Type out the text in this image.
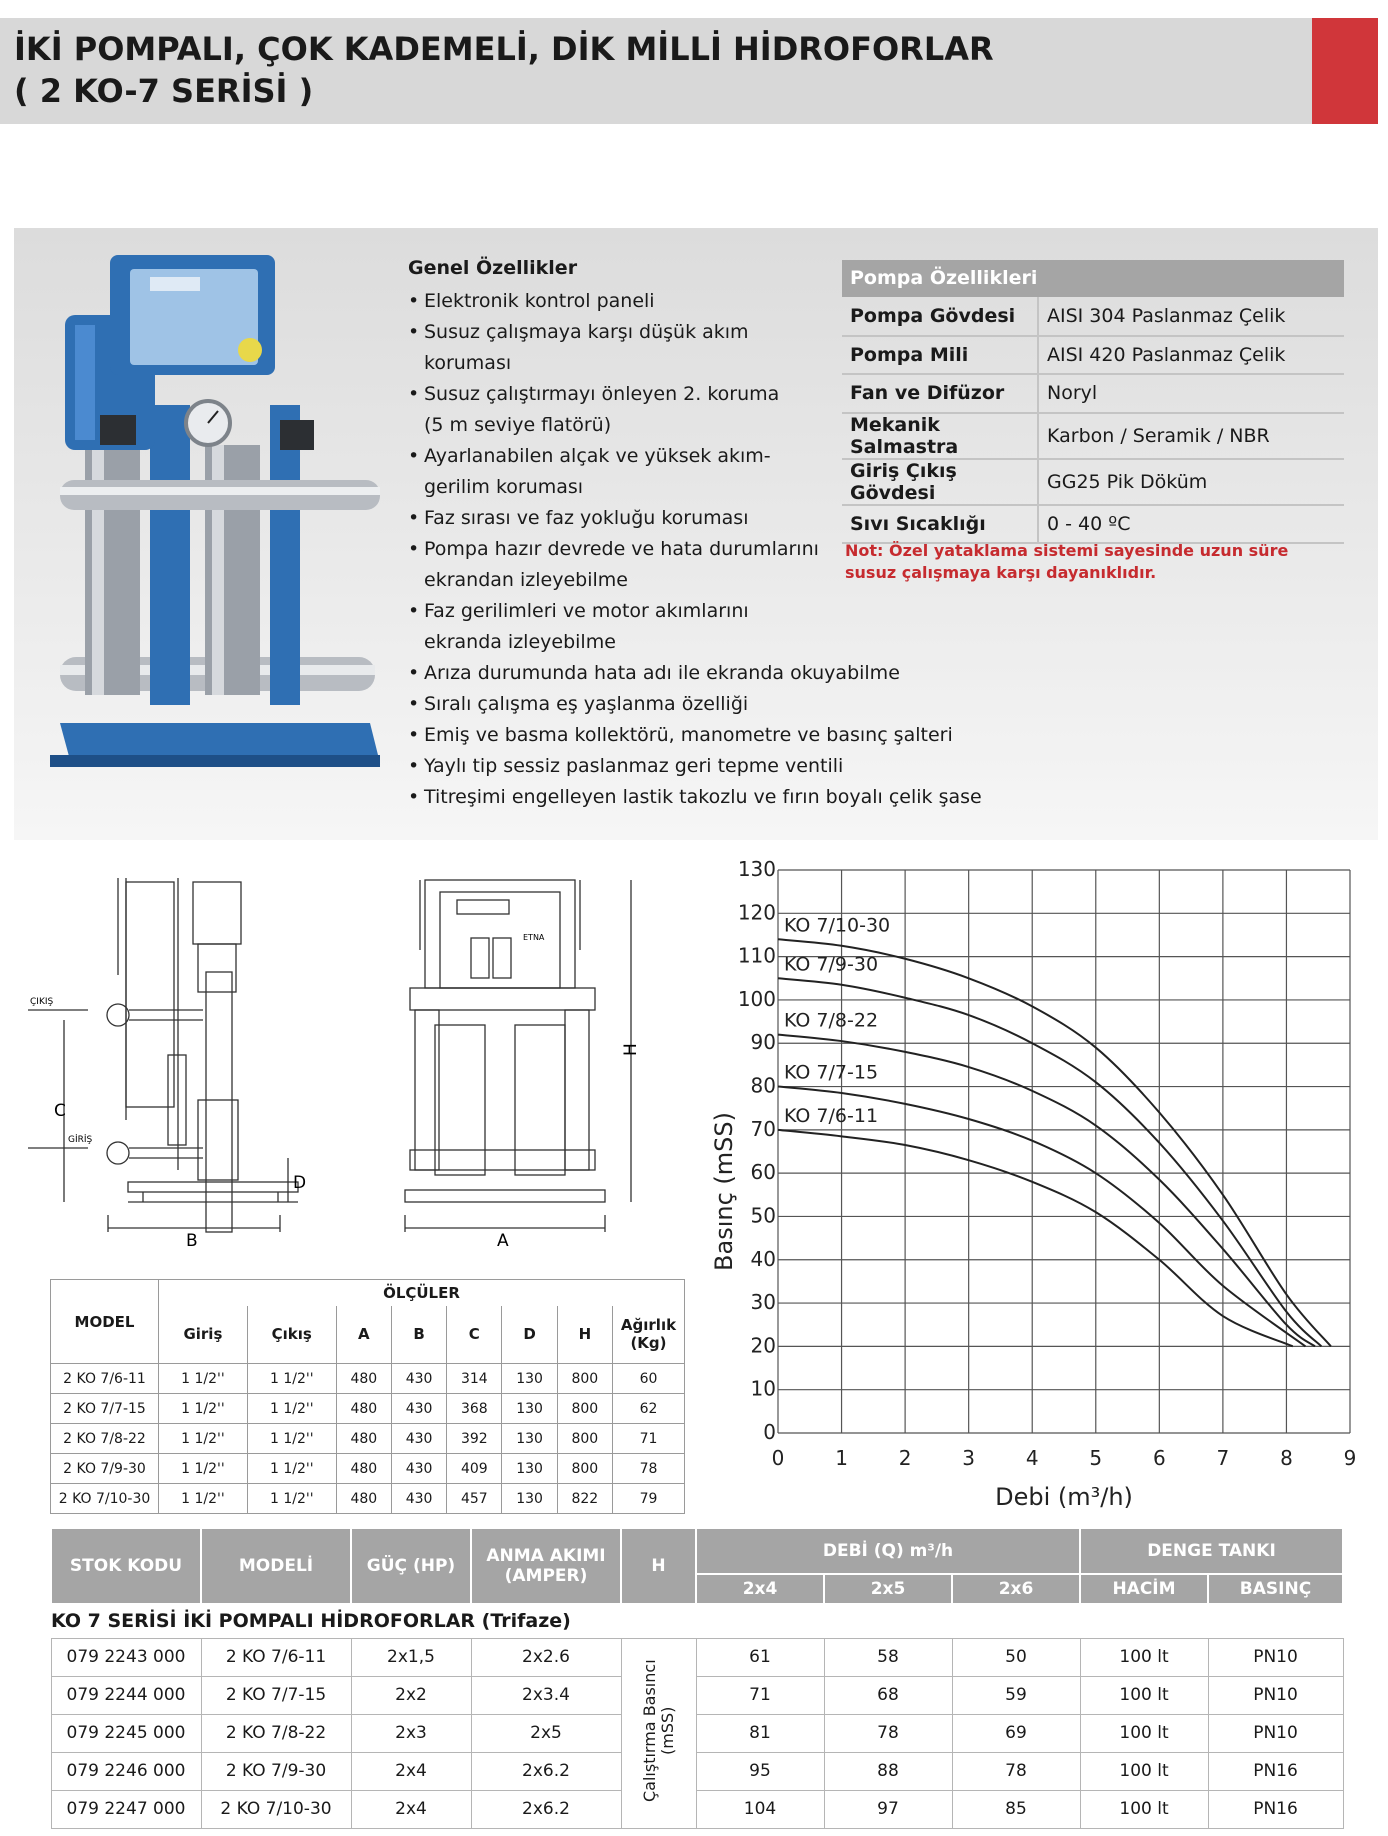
İKİ POMPALI, ÇOK KADEMELİ, DİK MİLLİ HİDROFORLAR
( 2 KO-7 SERİSİ )
Genel Özellikler
• Elektronik kontrol paneli
• Susuz çalışmaya karşı düşük akım
koruması
• Susuz çalıştırmayı önleyen 2. koruma
(5 m seviye flatörü)
• Ayarlanabilen alçak ve yüksek akım-
gerilim koruması
• Faz sırası ve faz yokluğu koruması
• Pompa hazır devrede ve hata durumlarını
ekrandan izleyebilme
• Faz gerilimleri ve motor akımlarını
ekranda izleyebilme
• Arıza durumunda hata adı ile ekranda okuyabilme
• Sıralı çalışma eş yaşlanma özelliği
• Emiş ve basma kollektörü, manometre ve basınç şalteri
• Yaylı tip sessiz paslanmaz geri tepme ventili
• Titreşimi engelleyen lastik takozlu ve fırın boyalı çelik şase
Pompa Özellikleri
Pompa Gövdesi	AISI 304 Paslanmaz Çelik
Pompa Mili	AISI 420 Paslanmaz Çelik
Fan ve Difüzor	Noryl
Mekanik Salmastra	Karbon / Seramik / NBR
Giriş Çıkış Gövdesi	GG25 Pik Döküm
Sıvı Sıcaklığı	0 - 40 ºC
Not: Özel yataklama sistemi sayesinde uzun süre susuz çalışmaya karşı dayanıklıdır.
ÇIKIŞ
GİRİŞ
B
C
D
ETNA
A
H
MODEL	ÖLÇÜLER							
	Giriş	Çıkış	A	B	C	D	H	Ağırlık (Kg)
2 KO 7/6-11	1 1/2''	1 1/2''	480	430	314	130	800	60
2 KO 7/7-15	1 1/2''	1 1/2''	480	430	368	130	800	62
2 KO 7/8-22	1 1/2''	1 1/2''	480	430	392	130	800	71
2 KO 7/9-30	1 1/2''	1 1/2''	480	430	409	130	800	78
2 KO 7/10-30	1 1/2''	1 1/2''	480	430	457	130	822	79
0	1	2	3	4	5	6	7	8	9
0
10
20
30
40
50
60
70
80
90
100
110
120
130
KO 7/10-30
KO 7/9-30
KO 7/8-22
KO 7/7-15
KO 7/6-11
Debi (m³/h)
Basınç (mSS)
STOK KODU	MODELİ	GÜÇ (HP)	ANMA AKIMI (AMPER)	H	DEBİ (Q) m³/h			DENGE TANKI	
					2x4	2x5	2x6	HACİM	BASINÇ
KO 7 SERİSİ İKİ POMPALI HİDROFORLAR (Trifaze)									
079 2243 000	2 KO 7/6-11	2x1,5	2x2.6	Çalıştırma Basıncı (mSS)	61	58	50	100 lt	PN10
079 2244 000	2 KO 7/7-15	2x2	2x3.4		71	68	59	100 lt	PN10
079 2245 000	2 KO 7/8-22	2x3	2x5		81	78	69	100 lt	PN10
079 2246 000	2 KO 7/9-30	2x4	2x6.2		95	88	78	100 lt	PN16
079 2247 000	2 KO 7/10-30	2x4	2x6.2		104	97	85	100 lt	PN16
